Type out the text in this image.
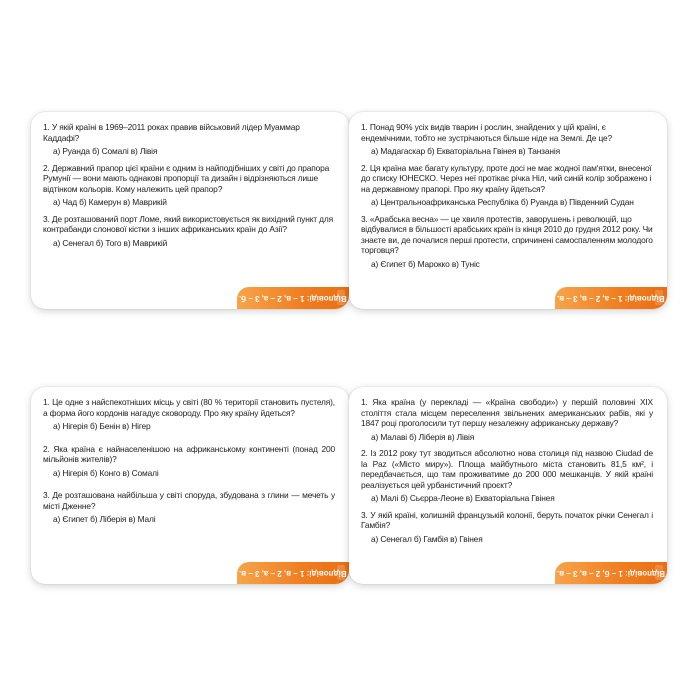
1. У якій країні в 1969–2011 роках правив військовий лідер Муаммар Каддафі?

а) Руанда б) Сомалі в) Лівія

2. Державний прапор цієї країни є одним із найподібніших у світі до прапора Румунії — вони мають однакові пропорції та дизайн і відрізняються лише відтінком кольорів. Кому належить цей прапор?

а) Чад б) Камерун в) Маврикій

3. Де розташований порт Ломе, який використовується як вихідний пункт для контрабанди слонової кістки з інших африканських країн до Азії?

а) Сенегал б) Того в) Маврикій
Відповіді: 1 – в, 2 – а, 3 – б.

1. Понад 90% усіх видів тварин і рослин, знайдених у цій країні, є ендемічними, тобто не зустрічаються більше ніде на Землі. Де це?

а) Мадагаскар б) Екваторіальна Гвінея в) Танзанія

2. Ця країна має багату культуру, проте досі не має жодної пам'ятки, внесеної до списку ЮНЕСКО. Через неї протікає річка Ніл, чий синій колір зображено і на державному прапорі. Про яку країну йдеться?

а) Центральноафриканська Республіка б) Руанда в) Південний Судан

3. «Арабська весна» — це хвиля протестів, заворушень і революцій, що відбувалися в більшості арабських країн із кінця 2010 до грудня 2012 року. Чи знаєте ви, де почалися перші протести, спричинені самоспаленням молодого торговця?

а) Єгипет б) Марокко в) Туніс
Відповіді: 1 – а, 2 – в, 3 – в.

1. Це одне з найспекотніших місць у світі (80 % території становить пустеля), а форма його кордонів нагадує сковороду. Про яку країну йдеться?

а) Нігерія б) Бенін в) Нігер

2. Яка країна є найнаселенішою на африканському континенті (понад 200 мільйонів жителів)?

а) Нігерія б) Конго в) Сомалі

3. Де розташована найбільша у світі споруда, збудована з глини — мечеть у місті Дженне?

а) Єгипет б) Ліберія в) Малі
Відповіді: 1 – в, 2 – а, 3 – в.

1. Яка країна (у перекладі — «Країна свободи») у першій половині XIX століття стала місцем переселення звільнених американських рабів, які у 1847 році проголосили тут першу незалежну африканську державу?

а) Малаві б) Ліберія в) Лівія

2. Із 2012 року тут зводиться абсолютно нова столиця під назвою Ciudad de la Paz («Місто миру»). Площа майбутнього міста становить 81,5 км², і передбачається, що там проживатиме до 200 000 мешканців. У якій країні реалізується цей урбаністичний проєкт?

а) Малі б) Сьєрра-Леоне в) Екваторіальна Гвінея

3. У якій країні, колишній французькій колонії, беруть початок річки Сенегал і Гамбія?

а) Сенегал б) Гамбія в) Гвінея
Відповіді: 1 – б, 2 – в, 3 – в.
